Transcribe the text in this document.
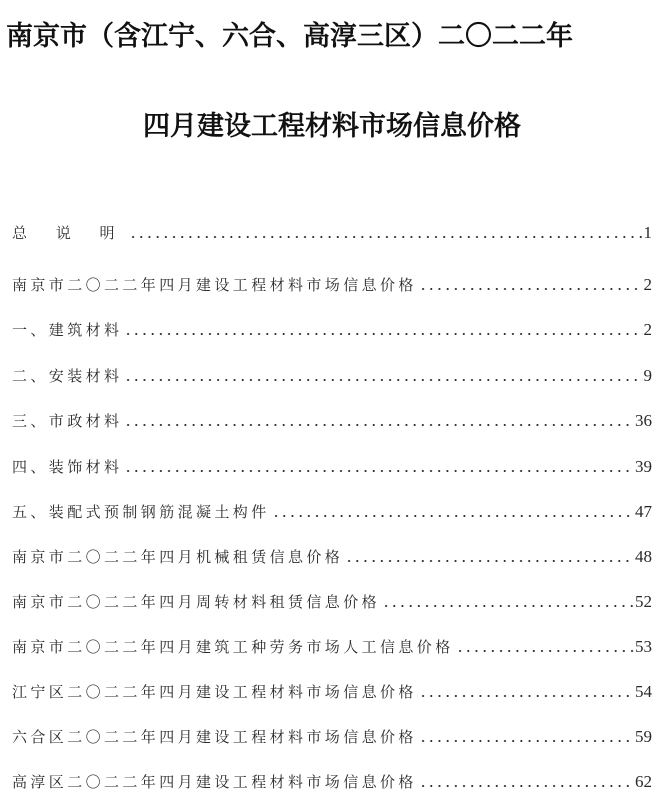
南京市（含江宁、六合、高淳三区）二〇二二年
四月建设工程材料市场信息价格
总 说 明	1
南京市二〇二二年四月建设工程材料市场信息价格	2
一、建筑材料	2
二、安装材料	9
三、市政材料	36
四、装饰材料	39
五、装配式预制钢筋混凝土构件	47
南京市二〇二二年四月机械租赁信息价格	48
南京市二〇二二年四月周转材料租赁信息价格	52
南京市二〇二二年四月建筑工种劳务市场人工信息价格	53
江宁区二〇二二年四月建设工程材料市场信息价格	54
六合区二〇二二年四月建设工程材料市场信息价格	59
高淳区二〇二二年四月建设工程材料市场信息价格	62
